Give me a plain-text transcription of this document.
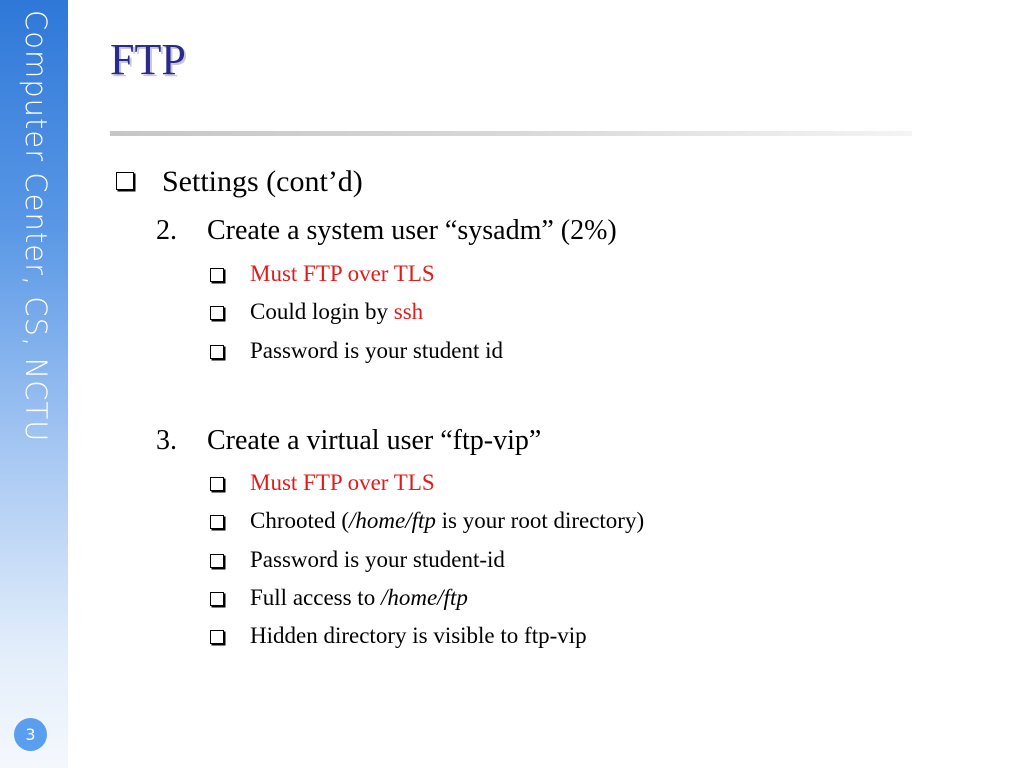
Computer Center, CS, NCTU
3
FTP
Settings (cont’d)
2. Create a system user “sysadm” (2%)
Must FTP over TLS
Could login by ssh
Password is your student id
3. Create a virtual user “ftp-vip”
Must FTP over TLS
Chrooted (/home/ftp is your root directory)
Password is your student-id
Full access to /home/ftp
Hidden directory is visible to ftp-vip
